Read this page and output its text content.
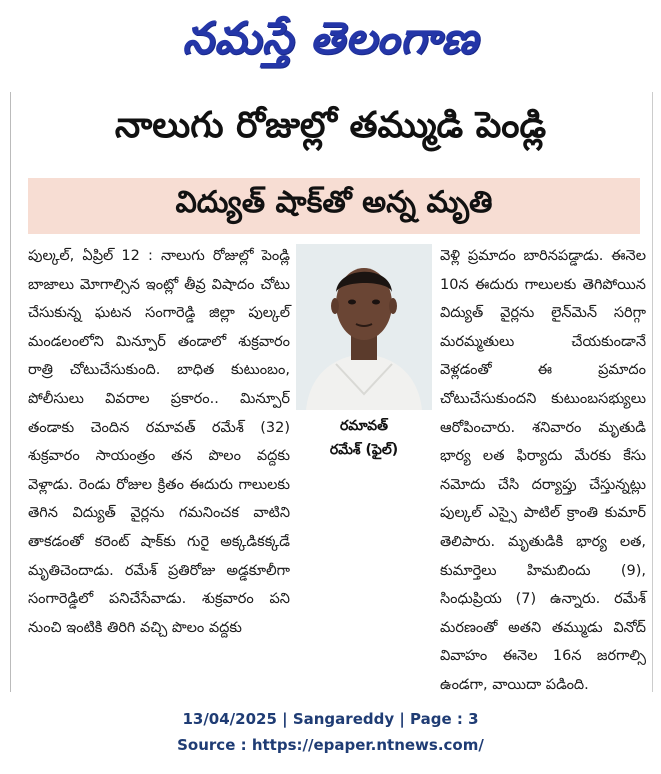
నమస్తే తెలంగాణ
నాలుగు రోజుల్లో తమ్ముడి పెండ్లి
విద్యుత్ షాక్‌తో అన్న మృతి

పుల్కల్, ఏప్రిల్ 12 : నాలుగు రోజుల్లో పెండ్లి బాజాలు మోగాల్సిన ఇంట్లో తీవ్ర విషాదం చోటు చేసుకున్న ఘటన సంగారెడ్డి జిల్లా పుల్కల్ మండలంలోని మిన్పూర్ తండాలో శుక్రవారం రాత్రి చోటుచేసుకుంది. బాధిత కుటుంబం, పోలీసులు వివరాల ప్రకారం.. మిన్పూర్ తండాకు చెందిన రమావత్ రమేశ్ (32) శుక్రవారం సాయంత్రం తన పొలం వద్దకు వెళ్లాడు. రెండు రోజుల క్రితం ఈదురు గాలులకు తెగిన విద్యుత్ వైర్లను గమనించక వాటిని తాకడంతో కరెంట్ షాక్‌కు గురై అక్కడికక్కడే మృతిచెందాడు. రమేశ్ ప్రతిరోజు అడ్డకూలీగా సంగారెడ్డిలో పనిచేసేవాడు. శుక్రవారం పని నుంచి ఇంటికి తిరిగి వచ్చి పొలం వద్దకు

రమావత్
రమేశ్ (ఫైల్)

వెళ్లి ప్రమాదం బారినపడ్డాడు. ఈనెల 10న ఈదురు గాలులకు తెగిపోయిన విద్యుత్ వైర్లను లైన్‌మెన్ సరిగ్గా మరమ్మతులు చేయకుండానే వెళ్లడంతో ఈ ప్రమాదం చోటుచేసుకుందని కుటుంబసభ్యులు ఆరోపించారు. శనివారం మృతుడి భార్య లత ఫిర్యాదు మేరకు కేసు నమోదు చేసి దర్యాప్తు చేస్తున్నట్లు పుల్కల్ ఎస్సై పాటిల్ క్రాంతి కుమార్ తెలిపారు. మృతుడికి భార్య లత, కుమార్తెలు హిమబిందు (9), సింధుప్రియ (7) ఉన్నారు. రమేశ్ మరణంతో అతని తమ్ముడు వినోద్ వివాహం ఈనెల 16న జరగాల్సి ఉండగా, వాయిదా పడింది.

13/04/2025 | Sangareddy | Page : 3
Source : https://epaper.ntnews.com/
